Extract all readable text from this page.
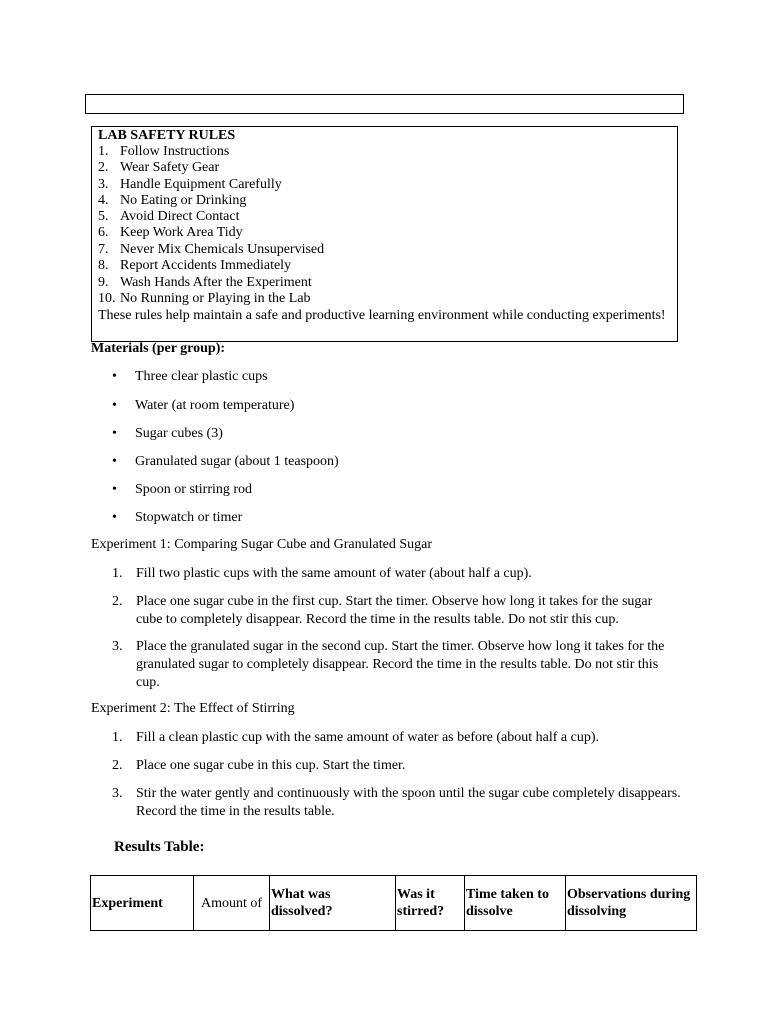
LAB SAFETY RULES
1. Follow Instructions
2. Wear Safety Gear
3. Handle Equipment Carefully
4. No Eating or Drinking
5. Avoid Direct Contact
6. Keep Work Area Tidy
7. Never Mix Chemicals Unsupervised
8. Report Accidents Immediately
9. Wash Hands After the Experiment
10. No Running or Playing in the Lab
These rules help maintain a safe and productive learning environment while conducting experiments!
Materials (per group):
• Three clear plastic cups
• Water (at room temperature)
• Sugar cubes (3)
• Granulated sugar (about 1 teaspoon)
• Spoon or stirring rod
• Stopwatch or timer
Experiment 1: Comparing Sugar Cube and Granulated Sugar
1. Fill two plastic cups with the same amount of water (about half a cup).
2. Place one sugar cube in the first cup. Start the timer. Observe how long it takes for the sugar cube to completely disappear. Record the time in the results table. Do not stir this cup.
3. Place the granulated sugar in the second cup. Start the timer. Observe how long it takes for the granulated sugar to completely disappear. Record the time in the results table. Do not stir this cup.
Experiment 2: The Effect of Stirring
1. Fill a clean plastic cup with the same amount of water as before (about half a cup).
2. Place one sugar cube in this cup. Start the timer.
3. Stir the water gently and continuously with the spoon until the sugar cube completely disappears. Record the time in the results table.
Results Table:
Experiment	Amount of	What was dissolved?	Was it stirred?	Time taken to dissolve	Observations during dissolving
